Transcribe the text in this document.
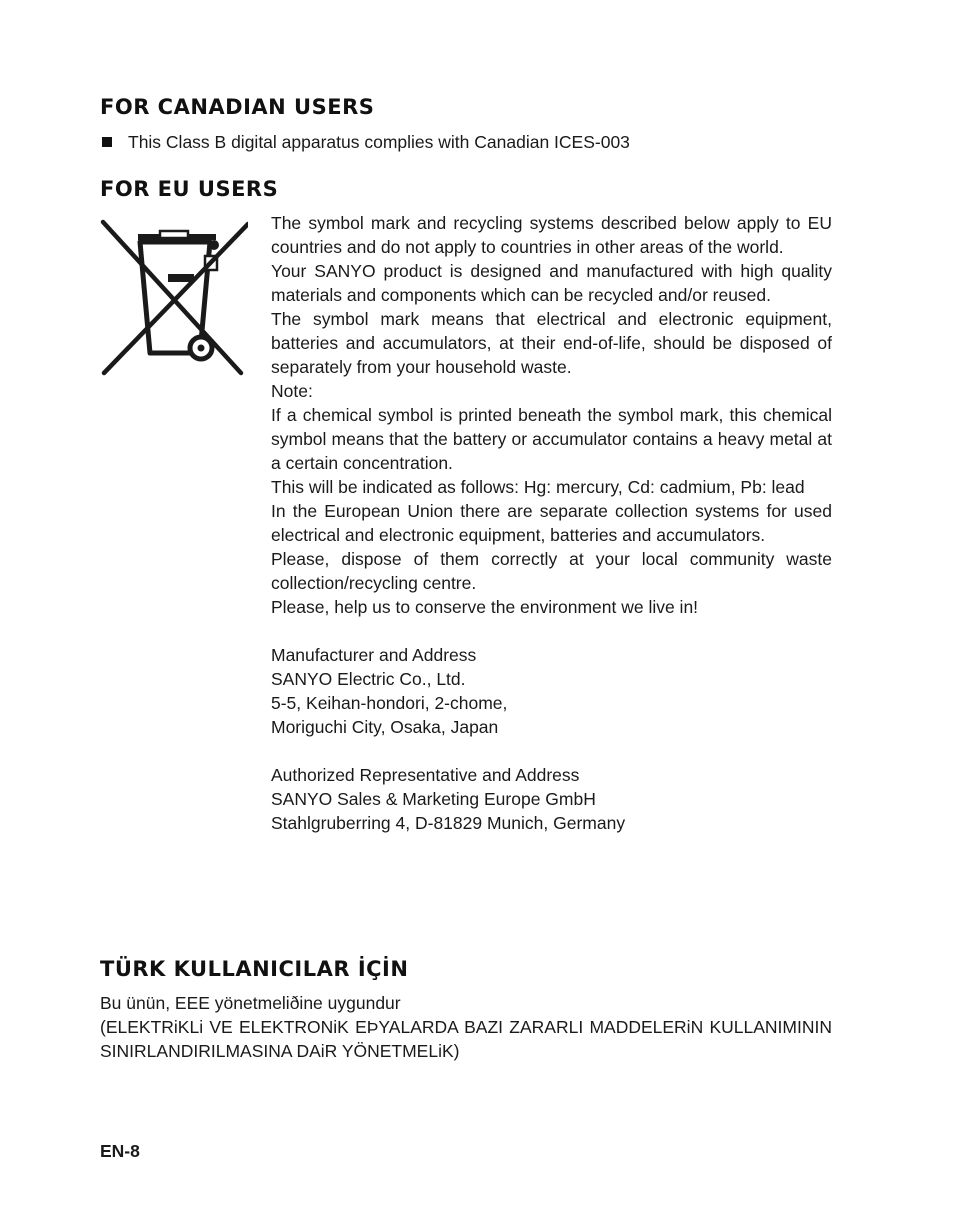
FOR CANADIAN USERS
This Class B digital apparatus complies with Canadian ICES-003
FOR EU USERS

The symbol mark and recycling systems described below apply to EU countries and do not apply to countries in other areas of the world.

Your SANYO product is designed and manufactured with high quality materials and components which can be recycled and/or reused.

The symbol mark means that electrical and electronic equipment, batteries and accumulators, at their end-of-life, should be disposed of separately from your household waste.

Note:

If a chemical symbol is printed beneath the symbol mark, this chemical symbol means that the battery or accumulator contains a heavy metal at a certain concentration.

This will be indicated as follows: Hg: mercury, Cd: cadmium, Pb: lead

In the European Union there are separate collection systems for used electrical and electronic equipment, batteries and accumulators.

Please, dispose of them correctly at your local community waste collection/recycling centre.

Please, help us to conserve the environment we live in!

Manufacturer and Address
SANYO Electric Co., Ltd.
5-5, Keihan-hondori, 2-chome,
Moriguchi City, Osaka, Japan

Authorized Representative and Address
SANYO Sales & Marketing Europe GmbH
Stahlgruberring 4, D-81829 Munich, Germany

TÜRK KULLANICILAR İÇİN

Bu ünün, EEE yönetmeliðine uygundur

(ELEKTRiKLi VE ELEKTRONiK EÞYALARDA BAZI ZARARLI MADDELERiN KULLANIMININ SINIRLANDIRILMASINA DAiR YÖNETMELiK)

EN-8
